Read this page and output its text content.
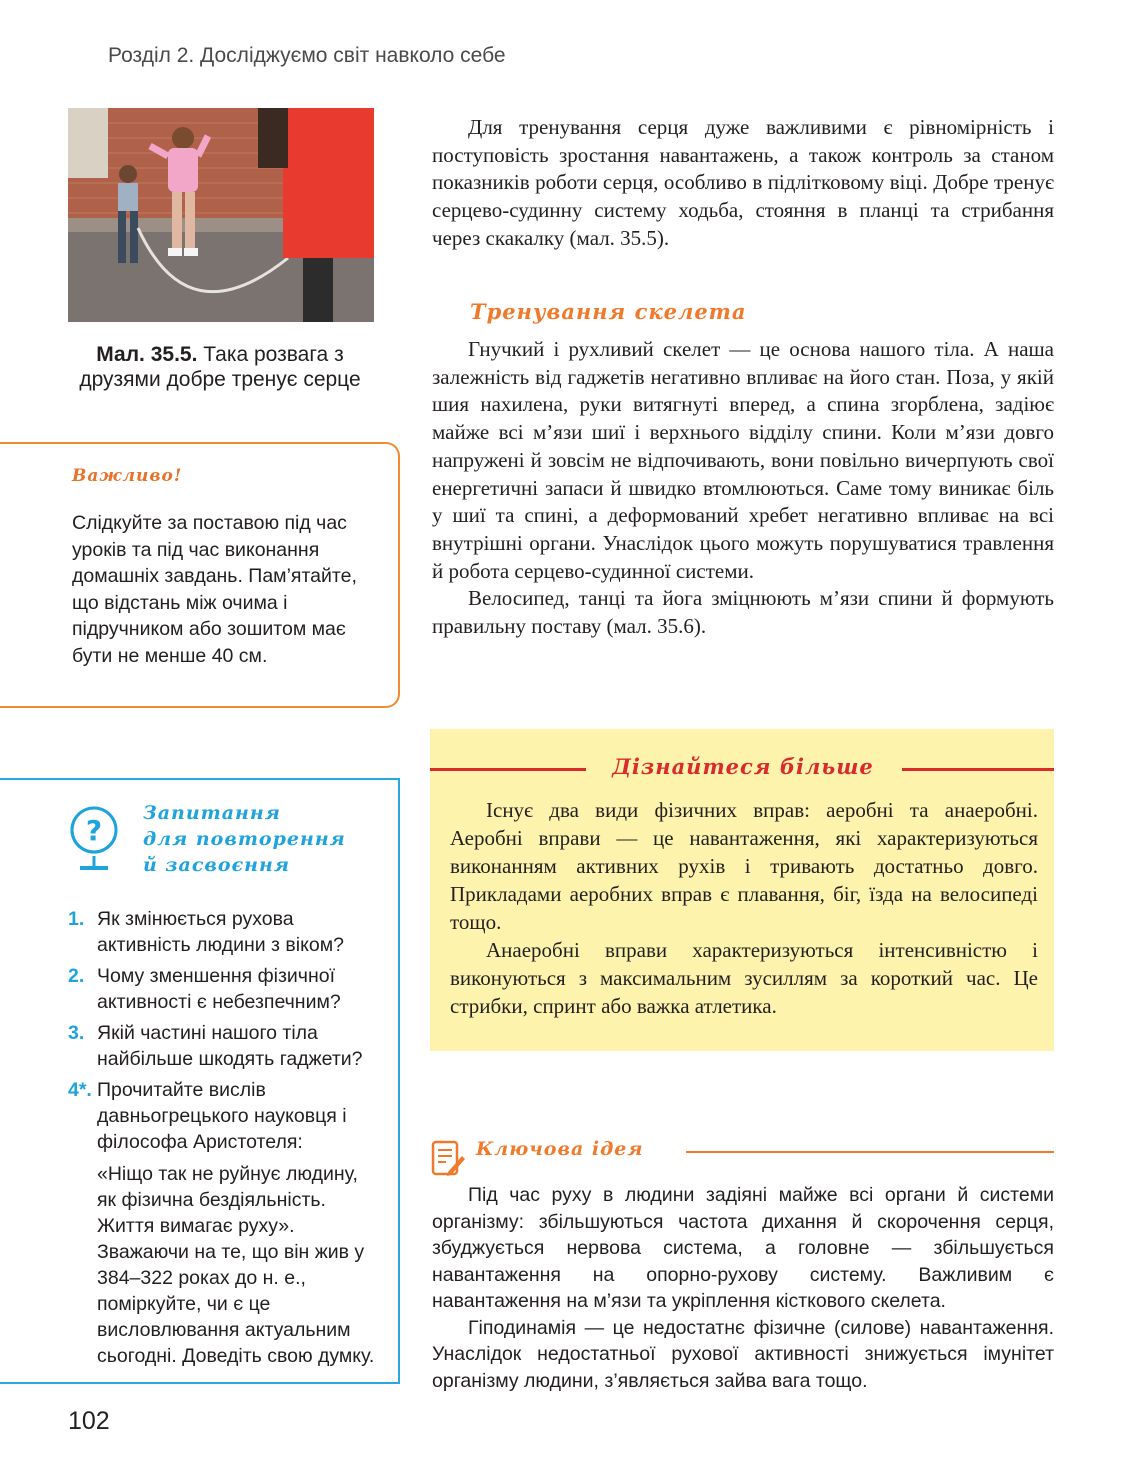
Розділ 2. Досліджуємо світ навколо себе
Мал. 35.5. Така розвага з друзями добре тренує серце
Важливо!
Слідкуйте за поставою під час уроків та під час виконання домашніх завдань. Пам’ятайте, що відстань між очима і підручником або зошитом має бути не менше 40 см.
?
Запитання
для повторення
й засвоєння
1. Як змінюється рухова активність людини з віком?
2. Чому зменшення фізичної активності є небезпечним?
3. Якій частині нашого тіла найбільше шкодять гаджети?
4*. Прочитайте вислів давньогрецького науковця і філософа Аристотеля:
«Ніщо так не руйнує людину, як фізична бездіяльність. Життя вимагає руху». Зважаючи на те, що він жив у 384–322 роках до н. е., поміркуйте, чи є це висловлювання актуальним сьогодні. Доведіть свою думку.

Для тренування серця дуже важливими є рівномірність і поступовість зростання навантажень, а також контроль за станом показників роботи серця, особливо в підлітковому віці. Добре тренує серцево-судинну систему ходьба, стояння в планці та стрибання через скакалку (мал. 35.5).

Тренування скелета

Гнучкий і рухливий скелет — це основа нашого тіла. А наша залежність від гаджетів негативно впливає на його стан. Поза, у якій шия нахилена, руки витягнуті вперед, а спина згорблена, задіює майже всі м’язи шиї і верхнього відділу спини. Коли м’язи довго напружені й зовсім не відпочивають, вони повільно вичерпують свої енергетичні запаси й швидко втомлюються. Саме тому виникає біль у шиї та спині, а деформований хребет негативно впливає на всі внутрішні органи. Унаслідок цього можуть порушуватися травлення й робота серцево-судинної системи.

Велосипед, танці та йога зміцнюють м’язи спини й формують правильну поставу (мал. 35.6).

Дізнайтеся більше

Існує два види фізичних вправ: аеробні та анаеробні. Аеробні вправи — це навантаження, які характеризуються виконанням активних рухів і тривають достатньо довго. Прикладами аеробних вправ є плавання, біг, їзда на велосипеді тощо.

Анаеробні вправи характеризуються інтенсивністю і виконуються з максимальним зусиллям за короткий час. Це стрибки, спринт або важка атлетика.

Ключова ідея

Під час руху в людини задіяні майже всі органи й системи організму: збільшуються частота дихання й скорочення серця, збуджується нервова система, а головне — збільшується навантаження на опорно-рухову систему. Важливим є навантаження на м’язи та укріплення кісткового скелета.

Гіподинамія — це недостатнє фізичне (силове) навантаження. Унаслідок недостатньої рухової активності знижується імунітет організму людини, з’являється зайва вага тощо.

102
